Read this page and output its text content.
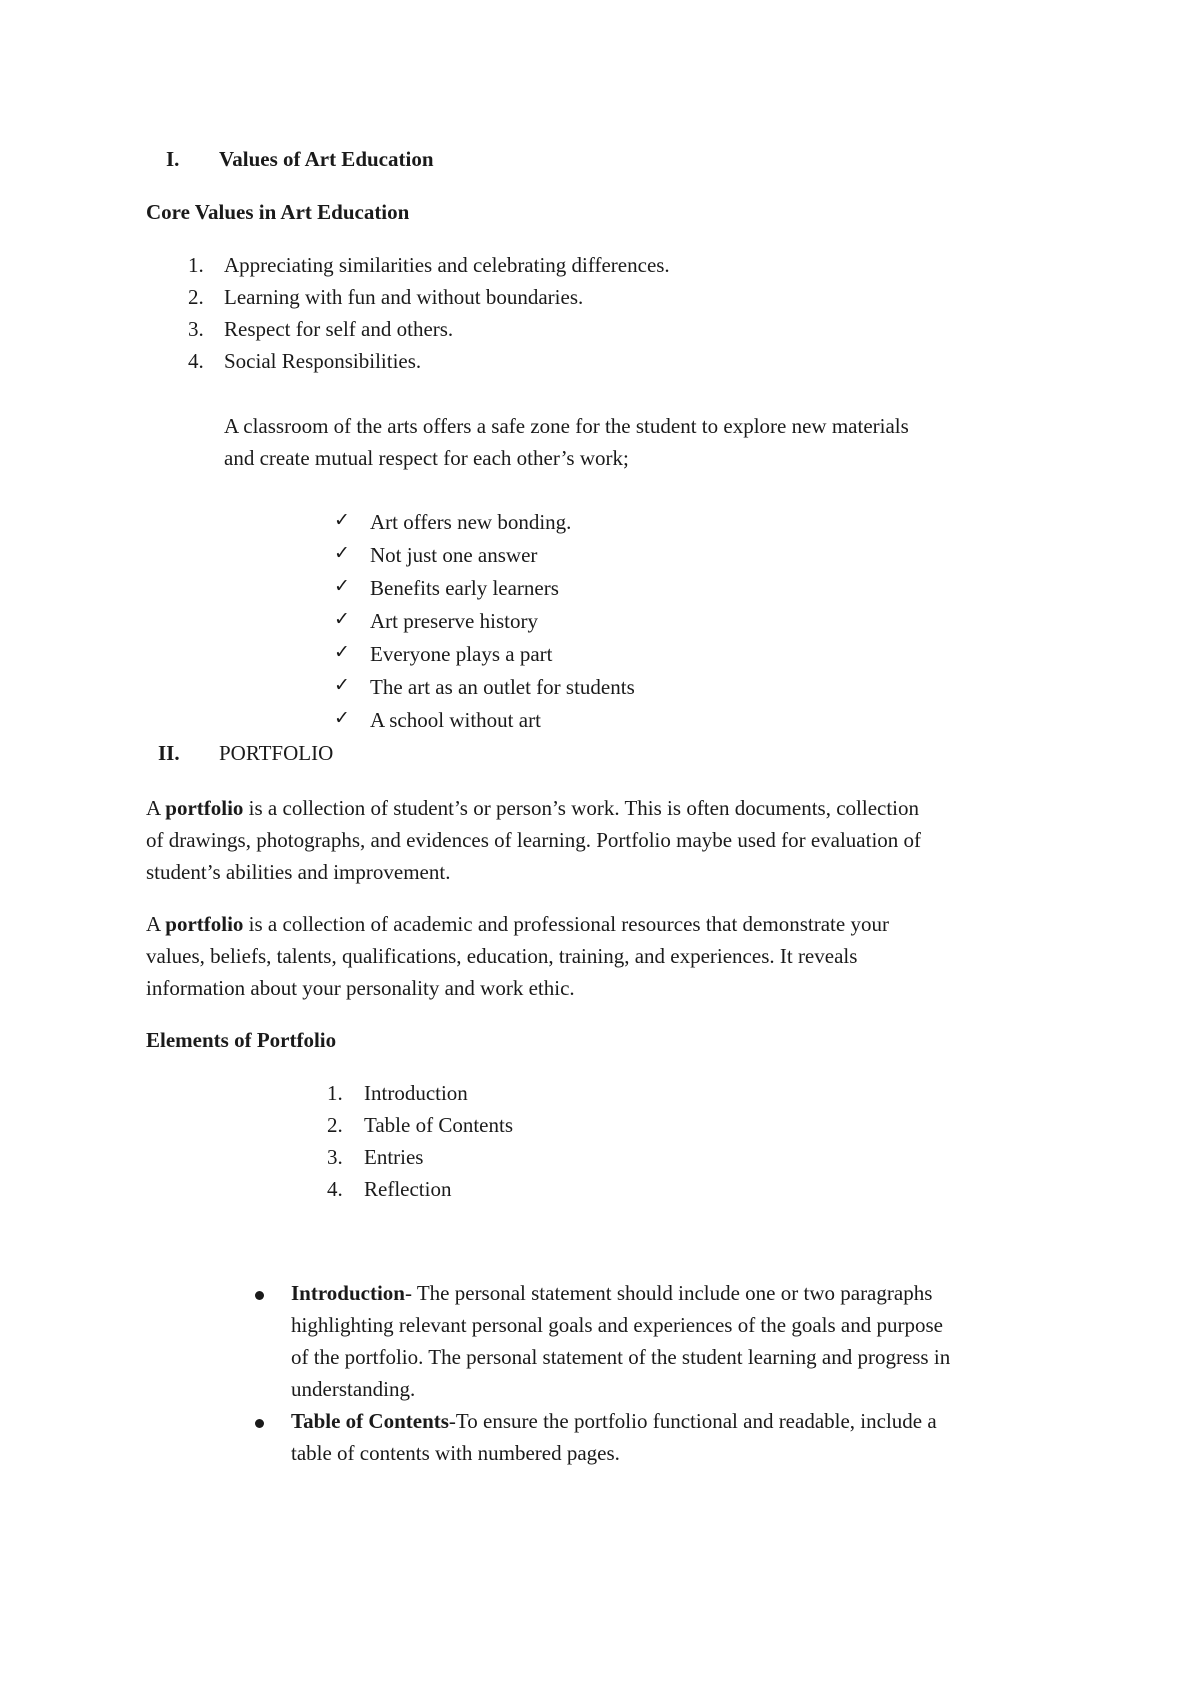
I. Values of Art Education
Core Values in Art Education
1. Appreciating similarities and celebrating differences.
2. Learning with fun and without boundaries.
3. Respect for self and others.
4. Social Responsibilities.
A classroom of the arts offers a safe zone for the student to explore new materials
and create mutual respect for each other’s work;
✓ Art offers new bonding.
✓ Not just one answer
✓ Benefits early learners
✓ Art preserve history
✓ Everyone plays a part
✓ The art as an outlet for students
✓ A school without art
II. PORTFOLIO
A portfolio is a collection of student’s or person’s work. This is often documents, collection
of drawings, photographs, and evidences of learning. Portfolio maybe used for evaluation of
student’s abilities and improvement.
A portfolio is a collection of academic and professional resources that demonstrate your
values, beliefs, talents, qualifications, education, training, and experiences. It reveals
information about your personality and work ethic.
Elements of Portfolio
1. Introduction
2. Table of Contents
3. Entries
4. Reflection
Introduction- The personal statement should include one or two paragraphs
highlighting relevant personal goals and experiences of the goals and purpose
of the portfolio. The personal statement of the student learning and progress in
understanding.
Table of Contents-To ensure the portfolio functional and readable, include a
table of contents with numbered pages.
